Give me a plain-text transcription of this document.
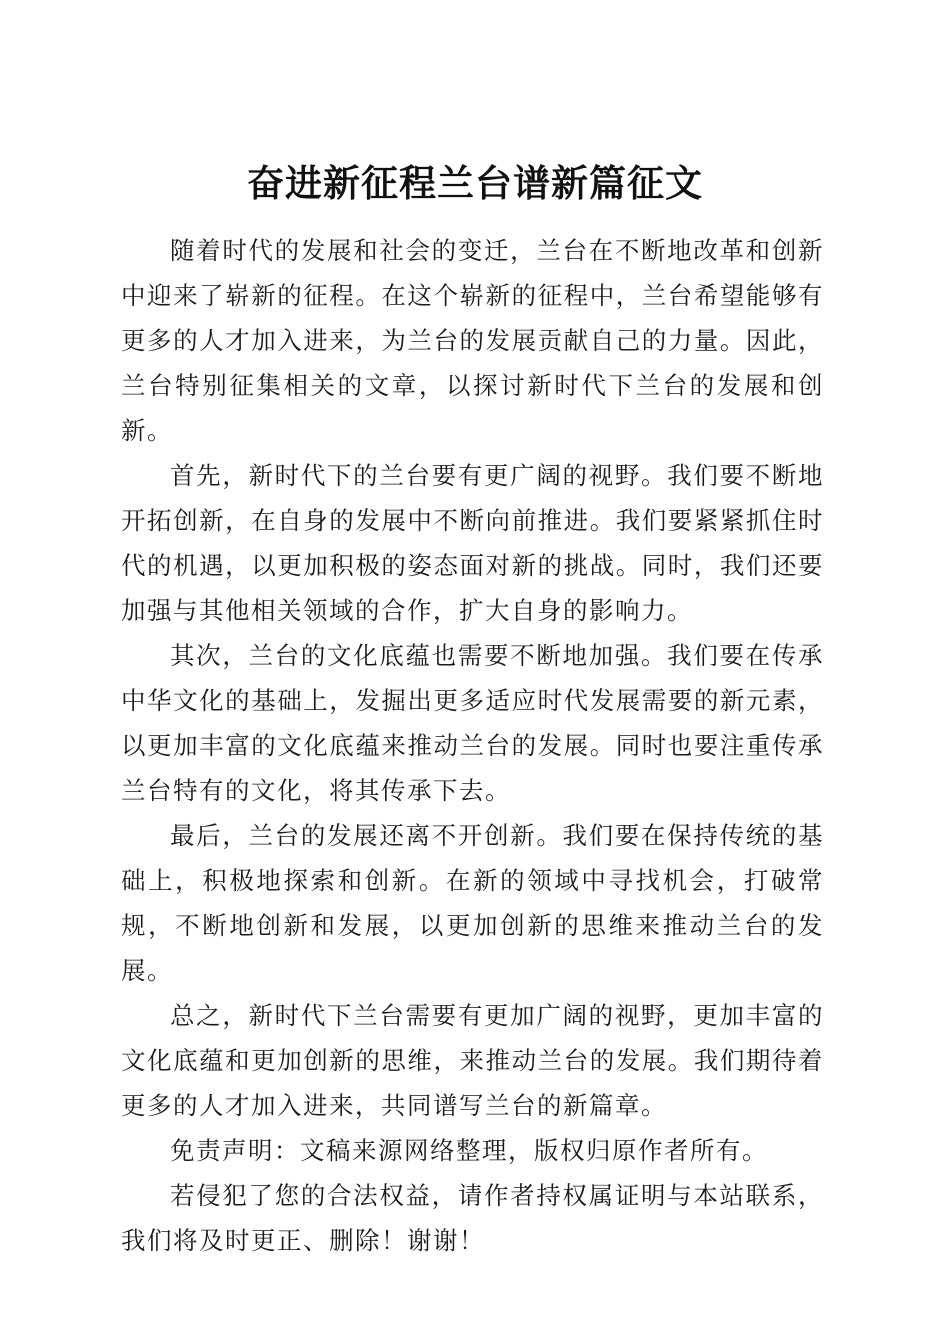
奋进新征程兰台谱新篇征文

随着时代的发展和社会的变迁，兰台在不断地改革和创新中迎来了崭新的征程。在这个崭新的征程中，兰台希望能够有更多的人才加入进来，为兰台的发展贡献自己的力量。因此，兰台特别征集相关的文章，以探讨新时代下兰台的发展和创新。

首先，新时代下的兰台要有更广阔的视野。我们要不断地开拓创新，在自身的发展中不断向前推进。我们要紧紧抓住时代的机遇，以更加积极的姿态面对新的挑战。同时，我们还要加强与其他相关领域的合作，扩大自身的影响力。

其次，兰台的文化底蕴也需要不断地加强。我们要在传承中华文化的基础上，发掘出更多适应时代发展需要的新元素，以更加丰富的文化底蕴来推动兰台的发展。同时也要注重传承兰台特有的文化，将其传承下去。

最后，兰台的发展还离不开创新。我们要在保持传统的基础上，积极地探索和创新。在新的领域中寻找机会，打破常规，不断地创新和发展，以更加创新的思维来推动兰台的发展。

总之，新时代下兰台需要有更加广阔的视野，更加丰富的文化底蕴和更加创新的思维，来推动兰台的发展。我们期待着更多的人才加入进来，共同谱写兰台的新篇章。

免责声明：文稿来源网络整理，版权归原作者所有。

若侵犯了您的合法权益，请作者持权属证明与本站联系，我们将及时更正、删除！谢谢！
